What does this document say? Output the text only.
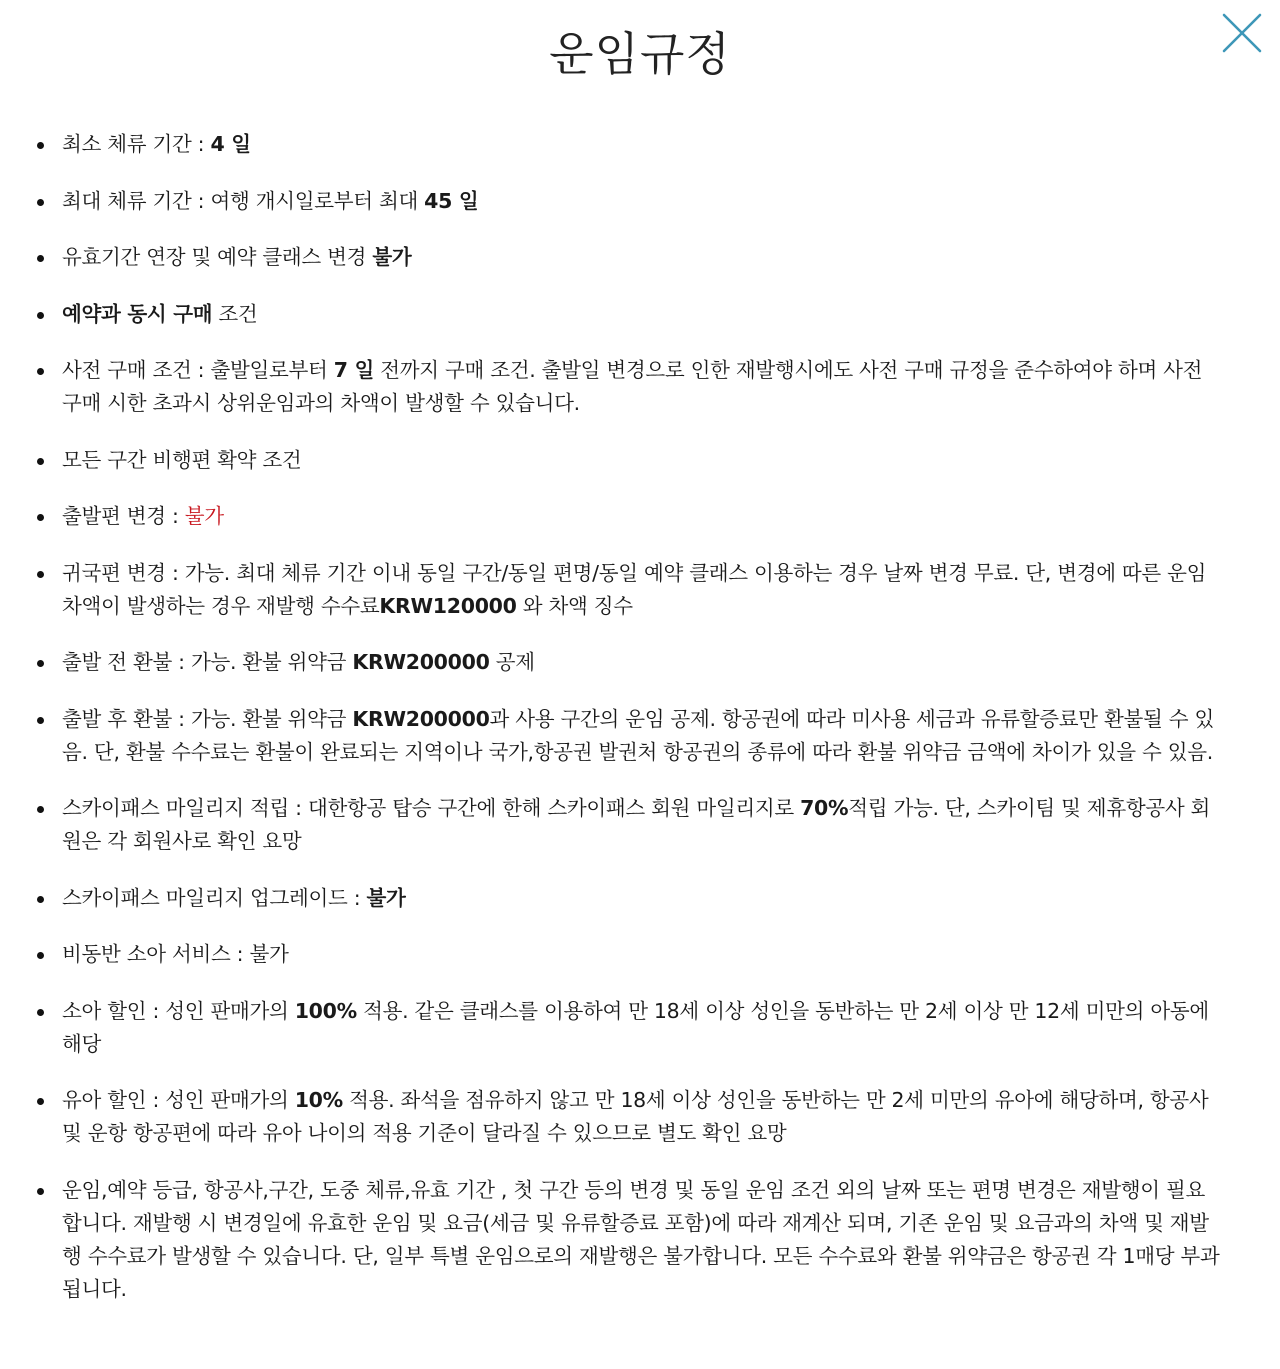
운임규정
최소 체류 기간 : 4 일
최대 체류 기간 : 여행 개시일로부터 최대 45 일
유효기간 연장 및 예약 클래스 변경 불가
예약과 동시 구매 조건
사전 구매 조건 : 출발일로부터 7 일 전까지 구매 조건. 출발일 변경으로 인한 재발행시에도 사전 구매 규정을 준수하여야 하며 사전 구매 시한 초과시 상위운임과의 차액이 발생할 수 있습니다.
모든 구간 비행편 확약 조건
출발편 변경 : 불가
귀국편 변경 : 가능. 최대 체류 기간 이내 동일 구간/동일 편명/동일 예약 클래스 이용하는 경우 날짜 변경 무료. 단, 변경에 따른 운임 차액이 발생하는 경우 재발행 수수료KRW120000 와 차액 징수
출발 전 환불 : 가능. 환불 위약금 KRW200000 공제
출발 후 환불 : 가능. 환불 위약금 KRW200000과 사용 구간의 운임 공제. 항공권에 따라 미사용 세금과 유류할증료만 환불될 수 있음. 단, 환불 수수료는 환불이 완료되는 지역이나 국가,항공권 발권처 항공권의 종류에 따라 환불 위약금 금액에 차이가 있을 수 있음.
스카이패스 마일리지 적립 : 대한항공 탑승 구간에 한해 스카이패스 회원 마일리지로 70%적립 가능. 단, 스카이팀 및 제휴항공사 회원은 각 회원사로 확인 요망
스카이패스 마일리지 업그레이드 : 불가
비동반 소아 서비스 : 불가
소아 할인 : 성인 판매가의 100% 적용. 같은 클래스를 이용하여 만 18세 이상 성인을 동반하는 만 2세 이상 만 12세 미만의 아동에 해당
유아 할인 : 성인 판매가의 10% 적용. 좌석을 점유하지 않고 만 18세 이상 성인을 동반하는 만 2세 미만의 유아에 해당하며, 항공사 및 운항 항공편에 따라 유아 나이의 적용 기준이 달라질 수 있으므로 별도 확인 요망
운임,예약 등급, 항공사,구간, 도중 체류,유효 기간 , 첫 구간 등의 변경 및 동일 운임 조건 외의 날짜 또는 편명 변경은 재발행이 필요합니다. 재발행 시 변경일에 유효한 운임 및 요금(세금 및 유류할증료 포함)에 따라 재계산 되며, 기존 운임 및 요금과의 차액 및 재발행 수수료가 발생할 수 있습니다. 단, 일부 특별 운임으로의 재발행은 불가합니다. 모든 수수료와 환불 위약금은 항공권 각 1매당 부과됩니다.
